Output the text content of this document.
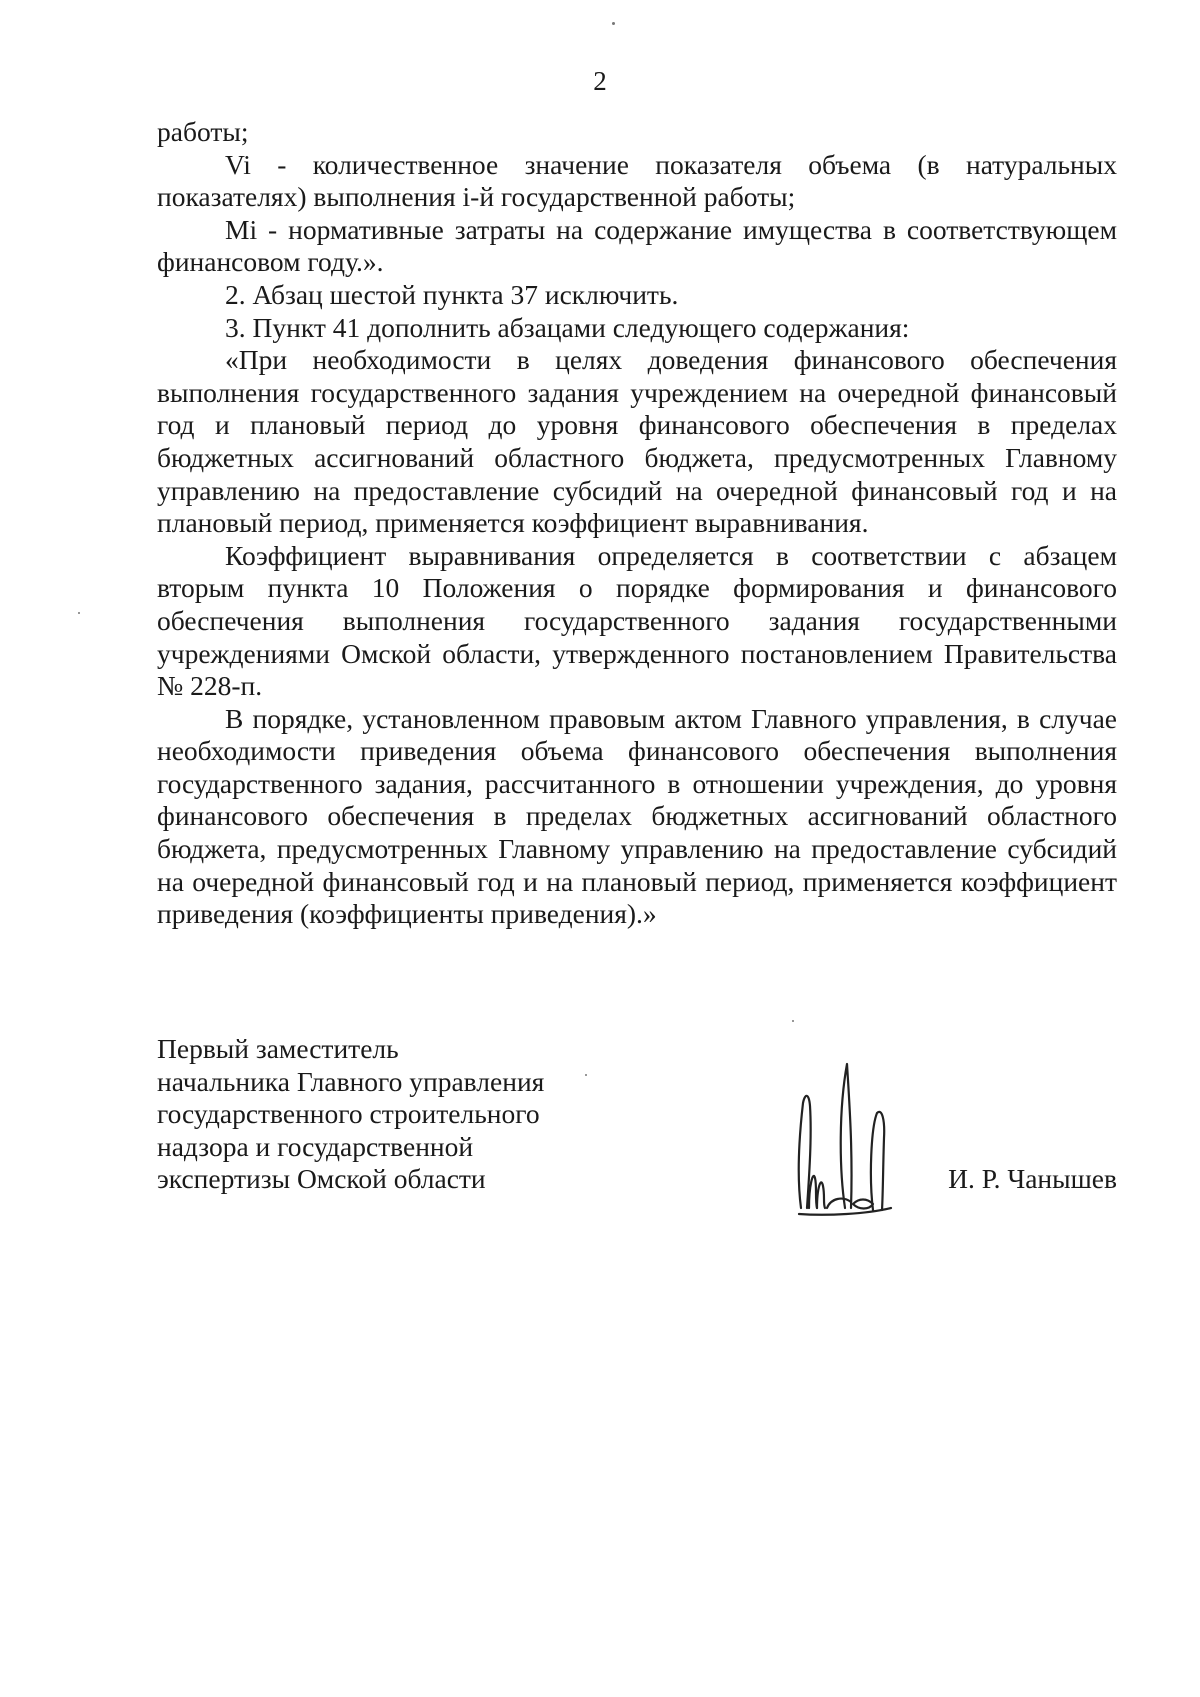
2

работы;

Vi - количественное значение показателя объема (в натуральных показателях) выполнения i-й государственной работы;

Mi - нормативные затраты на содержание имущества в соответствующем финансовом году.».

2. Абзац шестой пункта 37 исключить.

3. Пункт 41 дополнить абзацами следующего содержания:

«При необходимости в целях доведения финансового обеспечения выполнения государственного задания учреждением на очередной финансовый год и плановый период до уровня финансового обеспечения в пределах бюджетных ассигнований областного бюджета, предусмотренных Главному управлению на предоставление субсидий на очередной финансовый год и на плановый период, применяется коэффициент выравнивания.

Коэффициент выравнивания определяется в соответствии с абзацем вторым пункта 10 Положения о порядке формирования и финансового обеспечения выполнения государственного задания государственными учреждениями Омской области, утвержденного постановлением Правительства № 228-п.

В порядке, установленном правовым актом Главного управления, в случае необходимости приведения объема финансового обеспечения выполнения государственного задания, рассчитанного в отношении учреждения, до уровня финансового обеспечения в пределах бюджетных ассигнований областного бюджета, предусмотренных Главному управлению на предоставление субсидий на очередной финансовый год и на плановый период, применяется коэффициент приведения (коэффициенты приведения).»

Первый заместитель
начальника Главного управления
государственного строительного
надзора и государственной
экспертизы Омской области	И. Р. Чанышев
